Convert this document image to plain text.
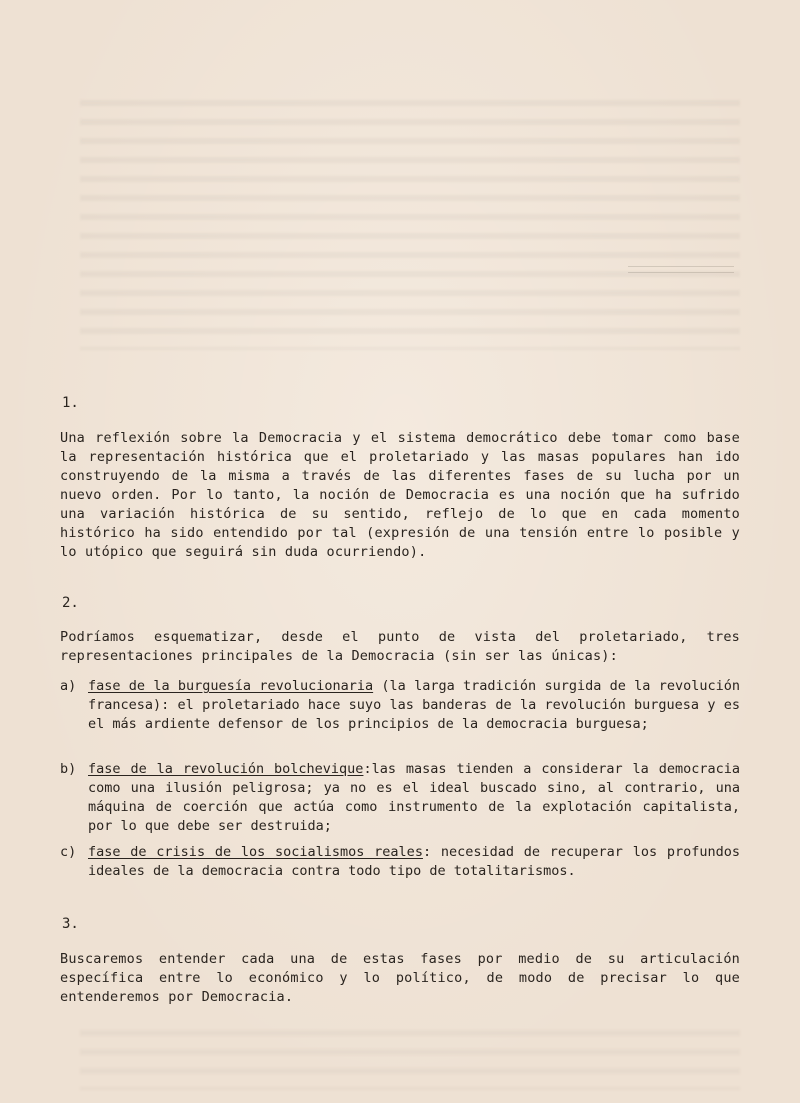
1.
Una reflexión sobre la Democracia y el sistema democrático debe tomar como base la representación histórica que el proletariado y las masas populares han ido construyendo de la misma a través de las diferentes fases de su lucha por un nuevo orden. Por lo tanto, la noción de Democracia es una noción que ha sufrido una variación histórica de su sentido, reflejo de lo que en cada momento histórico ha sido entendido por tal (expresión de una tensión entre lo posible y lo utópico que seguirá sin duda ocurriendo).
2.
Podríamos esquematizar, desde el punto de vista del proletariado, tres representaciones principales de la Democracia (sin ser las únicas):
a) fase de la burguesía revolucionaria (la larga tradición surgida de la revolución francesa): el proletariado hace suyo las banderas de la revolución burguesa y es el más ardiente defensor de los principios de la democracia burguesa;
b) fase de la revolución bolchevique:las masas tienden a considerar la democracia como una ilusión peligrosa; ya no es el ideal buscado sino, al contrario, una máquina de coerción que actúa como instrumento de la explotación capitalista, por lo que debe ser destruida;
c) fase de crisis de los socialismos reales: necesidad de recuperar los profundos ideales de la democracia contra todo tipo de totalitarismos.
3.
Buscaremos entender cada una de estas fases por medio de su articulación específica entre lo económico y lo político, de modo de precisar lo que entenderemos por Democracia.
